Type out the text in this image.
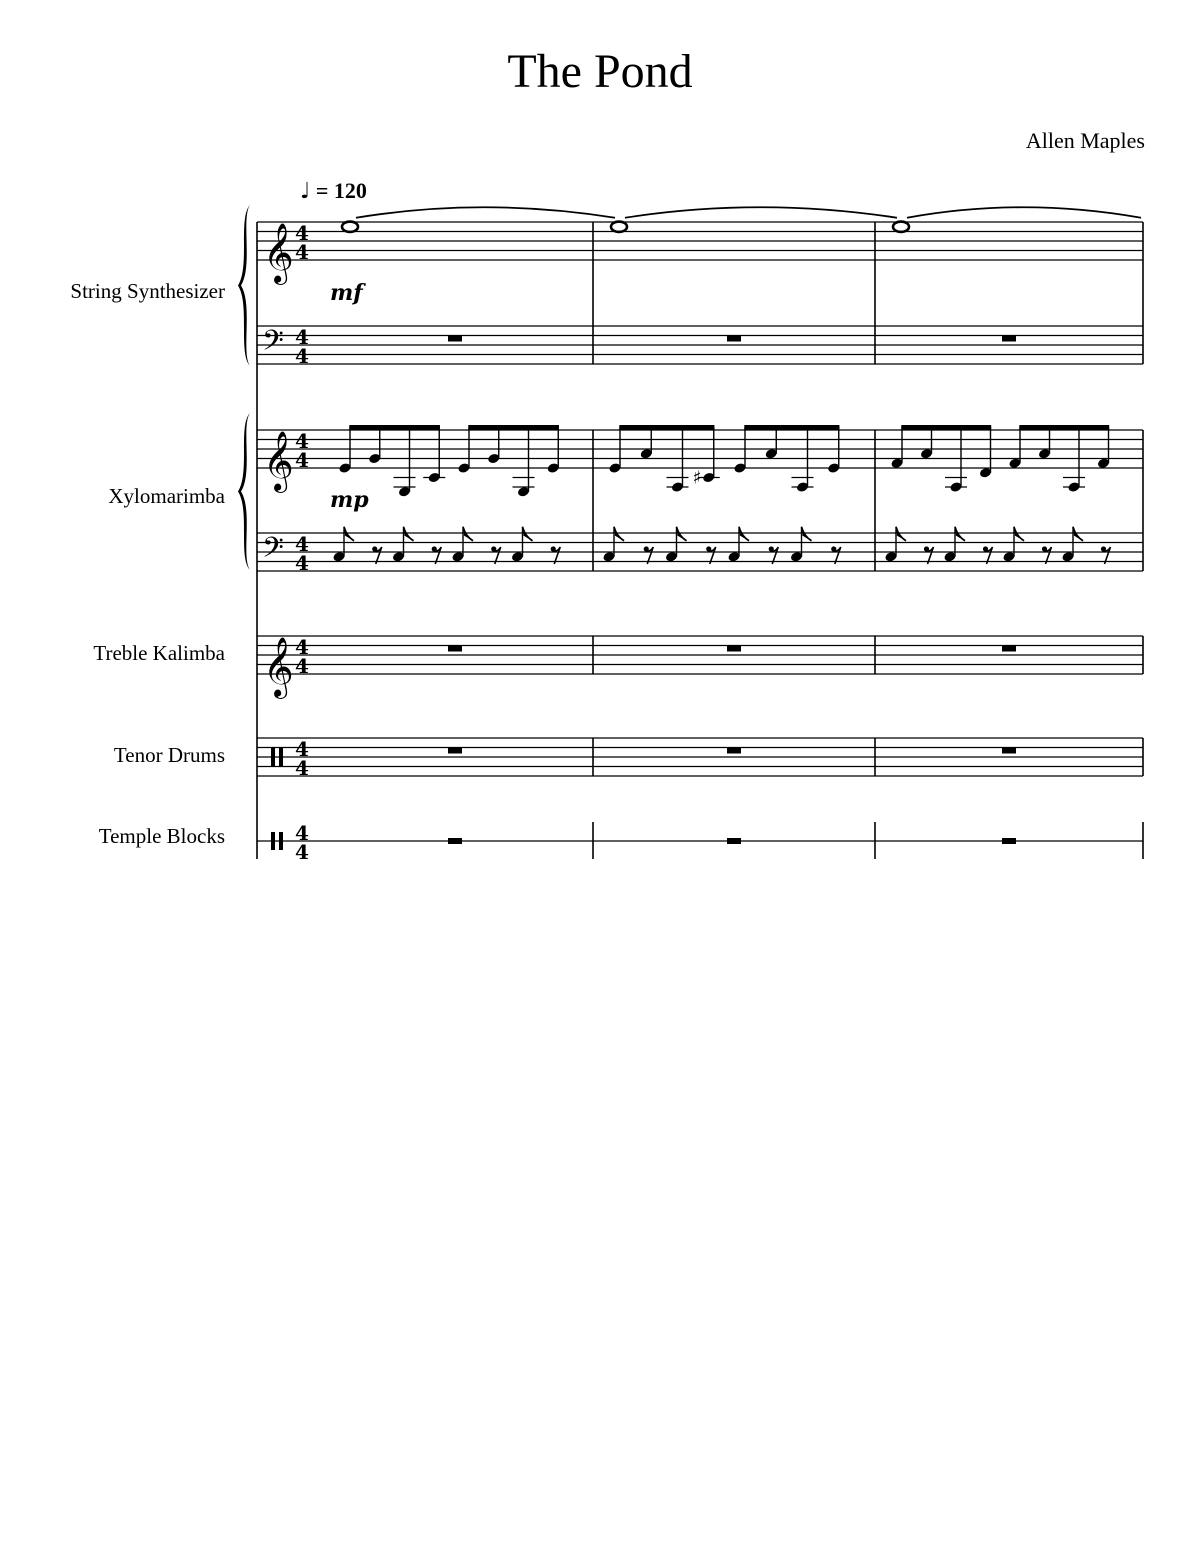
The Pond
Allen Maples
♩ = 120
String Synthesizer
Xylomarimba
Treble Kalimba
Tenor Drums
Temple Blocks
mf
mp
𝄞
𝄢
𝄞
𝄢
𝄞
4
4
4
4
4
4
4
4
4
4
4
4
4
4
♯
